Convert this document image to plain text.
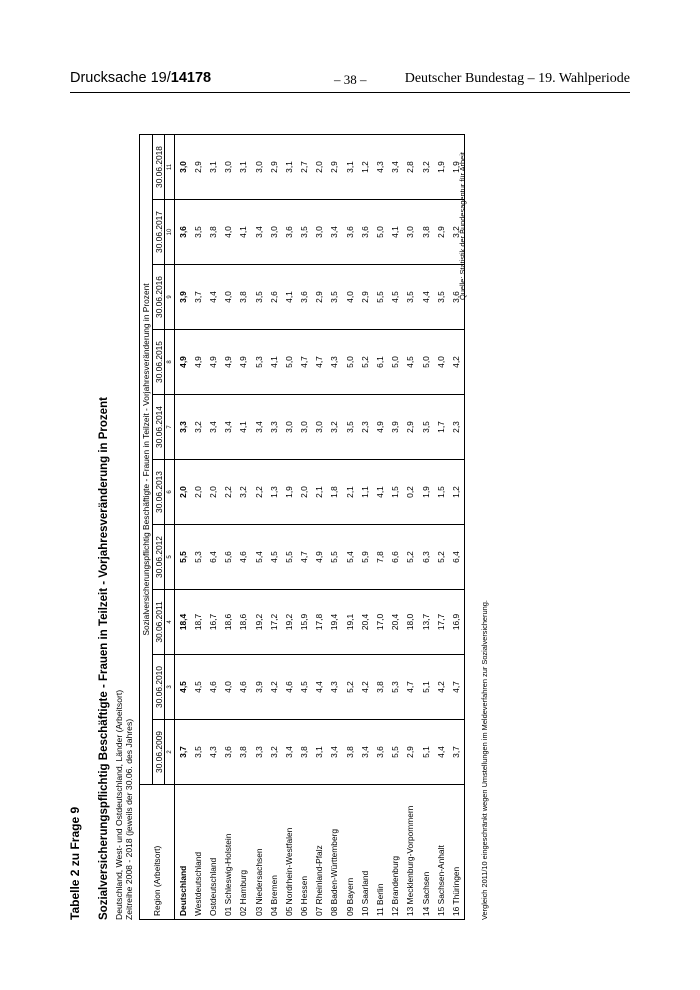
Drucksache 19/14178	– 38 –	Deutscher Bundestag – 19. Wahlperiode
Tabelle 2 zu Frage 9 Sozialversicherungspflichtig Beschäftigte - Frauen in Teilzeit - Vorjahresveränderung in Prozent Deutschland, West- und Ostdeutschland, Länder (Arbeitsort) Zeitreihe 2008 - 2018 (jeweils der 30.06. des Jahres) Region (Arbeitsort)	Sozialversicherungspflichtig Beschäftigte - Frauen in Teilzeit - Vorjahresveränderung in Prozent									
	30.06.2009	30.06.2010	30.06.2011	30.06.2012	30.06.2013	30.06.2014	30.06.2015	30.06.2016	30.06.2017	30.06.2018
	2	3	4	5	6	7	8	9	10	11
Deutschland	3,7	4,5	18,4	5,5	2,0	3,3	4,9	3,9	3,6	3,0
Westdeutschland	3,5	4,5	18,7	5,3	2,0	3,2	4,9	3,7	3,5	2,9
Ostdeutschland	4,3	4,6	16,7	6,4	2,0	3,4	4,9	4,4	3,8	3,1
01 Schleswig-Holstein	3,6	4,0	18,6	5,6	2,2	3,4	4,9	4,0	4,0	3,0
02 Hamburg	3,8	4,6	18,6	4,6	3,2	4,1	4,9	3,8	4,1	3,1
03 Niedersachsen	3,3	3,9	19,2	5,4	2,2	3,4	5,3	3,5	3,4	3,0
04 Bremen	3,2	4,2	17,2	4,5	1,3	3,3	4,1	2,6	3,0	2,9
05 Nordrhein-Westfalen	3,4	4,6	19,2	5,5	1,9	3,0	5,0	4,1	3,6	3,1
06 Hessen	3,8	4,5	15,9	4,7	2,0	3,0	4,7	3,6	3,5	2,7
07 Rheinland-Pfalz	3,1	4,4	17,8	4,9	2,1	3,0	4,7	2,9	3,0	2,0
08 Baden-Württemberg	3,4	4,3	19,4	5,5	1,8	3,2	4,3	3,5	3,4	2,9
09 Bayern	3,8	5,2	19,1	5,4	2,1	3,5	5,0	4,0	3,6	3,1
10 Saarland	3,4	4,2	20,4	5,9	1,1	2,3	5,2	2,9	3,6	1,2
11 Berlin	3,6	3,8	17,0	7,8	4,1	4,9	6,1	5,5	5,0	4,3
12 Brandenburg	5,5	5,3	20,4	6,6	1,5	3,9	5,0	4,5	4,1	3,4
13 Mecklenburg-Vorpommern	2,9	4,7	18,0	5,2	0,2	2,9	4,5	3,5	3,0	2,8
14 Sachsen	5,1	5,1	13,7	6,3	1,9	3,5	5,0	4,4	3,8	3,2
15 Sachsen-Anhalt	4,4	4,2	17,7	5,2	1,5	1,7	4,0	3,5	2,9	1,9
16 Thüringen	3,7	4,7	16,9	6,4	1,2	2,3	4,2	3,6	3,2	1,9
Quelle: Statistik der Bundesagentur für Arbeit
Vergleich 2011/10 eingeschränkt wegen Umstellungen im Meldeverfahren zur Sozialversicherung.
